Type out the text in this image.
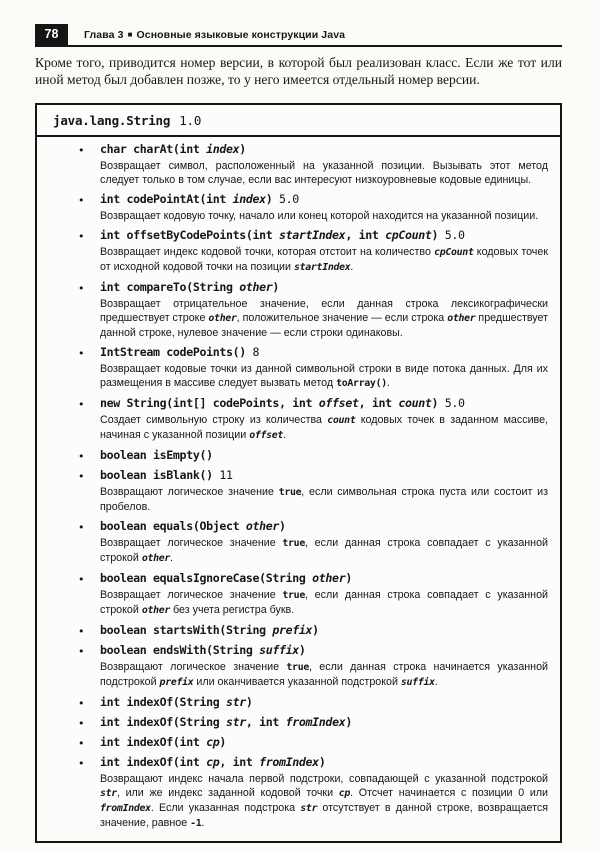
78	Глава 3 ■ Основные языковые конструкции Java

Кроме того, приводится номер версии, в которой был реализован класс. Если же тот или иной метод был добавлен позже, то у него имеется отдельный номер версии.

java.lang.String 1.0
• char charAt(int index)
Возвращает символ, расположенный на указанной позиции. Вызывать этот метод следует только в том случае, если вас интересуют низкоуровневые кодовые единицы.
• int codePointAt(int index) 5.0
Возвращает кодовую точку, начало или конец которой находится на указанной позиции.
• int offsetByCodePoints(int startIndex, int cpCount) 5.0
Возвращает индекс кодовой точки, которая отстоит на количество cpCount кодовых точек от исходной кодовой точки на позиции startIndex.
• int compareTo(String other)
Возвращает отрицательное значение, если данная строка лексикографически предшествует строке other, положительное значение — если строка other предшествует данной строке, нулевое значение — если строки одинаковы.
• IntStream codePoints() 8
Возвращает кодовые точки из данной символьной строки в виде потока данных. Для их размещения в массиве следует вызвать метод toArray().
• new String(int[] codePoints, int offset, int count) 5.0
Создает символьную строку из количества count кодовых точек в заданном массиве, начиная с указанной позиции offset.
• boolean isEmpty()
• boolean isBlank() 11
Возвращают логическое значение true, если символьная строка пуста или состоит из пробелов.
• boolean equals(Object other)
Возвращает логическое значение true, если данная строка совпадает с указанной строкой other.
• boolean equalsIgnoreCase(String other)
Возвращает логическое значение true, если данная строка совпадает с указанной строкой other без учета регистра букв.
• boolean startsWith(String prefix)
• boolean endsWith(String suffix)
Возвращают логическое значение true, если данная строка начинается указанной подстрокой prefix или оканчивается указанной подстрокой suffix.
• int indexOf(String str)
• int indexOf(String str, int fromIndex)
• int indexOf(int cp)
• int indexOf(int cp, int fromIndex)
Возвращают индекс начала первой подстроки, совпадающей с указанной подстрокой str, или же индекс заданной кодовой точки cp. Отсчет начинается с позиции 0 или fromIndex. Если указанная подстрока str отсутствует в данной строке, возвращается значение, равное -1.
